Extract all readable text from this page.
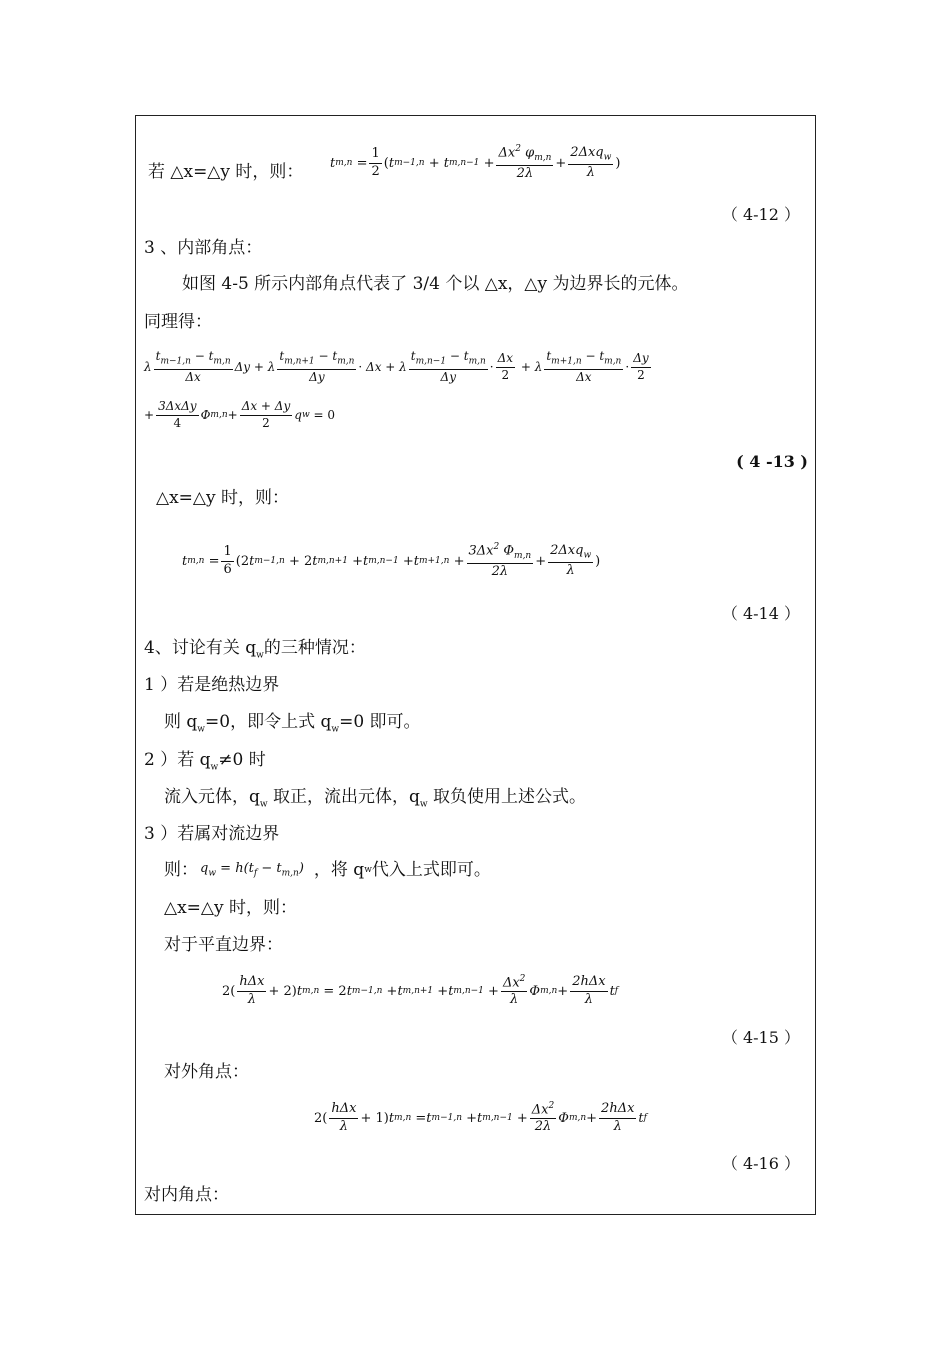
若 △x=△y 时，则： t m,n
= $\frac{1}{2}$ ( t m−1,n
+ t m,n−1
+ $\frac{\Delta x^2 \varphi_{m,n}}{2\lambda} + \frac{2\Delta xq_w}{\lambda}$ )
（ 4-12 ）
3 、内部角点：
如图 4-5 所示内部角点代表了 3/4 个以 △x，△y 为边界长的元体。
同理得：
λ $\frac{t_{m-1,n} - t_{m,n}}{\Delta x}$ Δy + λ $\frac{t_{m,n+1} - t_{m,n}}{\Delta y} \cdot \Delta x + \lambda \frac{t_{m,n-1} - t_{m,n}}{\Delta y} \cdot \frac{\Delta x}{2} + \lambda \frac{t_{m+1,n} - t_{m,n}}{\Delta x} \cdot \frac{\Delta y}{2}$
+ $\frac{\text{3ΔxΔy}}{4}$ Φ $m,n + \frac{\Delta x + \Delta y}{2}$ q w
= 0
( 4 -13 )
△x=△y 时，则：
t m,n
= $\frac{1}{6} (2$ t m−1,n
+ 2 t m,n+1
+ t m,n−1
+ t m+1,n
+ $\frac{3\Delta x^2 \Phi_{m,n}}{2\lambda} + \frac{2\Delta xq_w}{\lambda}$ )
（ 4-14 ）
4、讨论有关 $q_w$的三种情况：
1 ）若是绝热边界
则 $q_w=0$，即令上式 $q_w=0$ 即可。
2 ）若 $q_w\ne 0$ 时
流入元体，$q_w$ 取正，流出元体，$q_w$ 取负使用上述公式。
3 ）若属对流边界
则： $q_w = h(t_f - t_{m,n})$ ，将 q w 代入上式即可。
△x=△y 时，则：
对于平直边界：
$2( \frac{\text{hΔx}}{\lambda} + 2)$ t m,n
= 2 t m−1,n
+ t m,n+1
+ t m,n−1
+ $\frac{\Delta x^2}{\lambda}$ Φ $m,n + \frac{\text{2hΔx}}{\lambda}$ t f
（ 4-15 ）
对外角点：
$2( \frac{\text{hΔx}}{\lambda} + 1)$ t m,n
= t m−1,n
+ t m,n−1
+ $\frac{\Delta x^2}{2\lambda}$ Φ $m,n + \frac{\text{2hΔx}}{\lambda}$ t f
（ 4-16 ）
对内角点：
